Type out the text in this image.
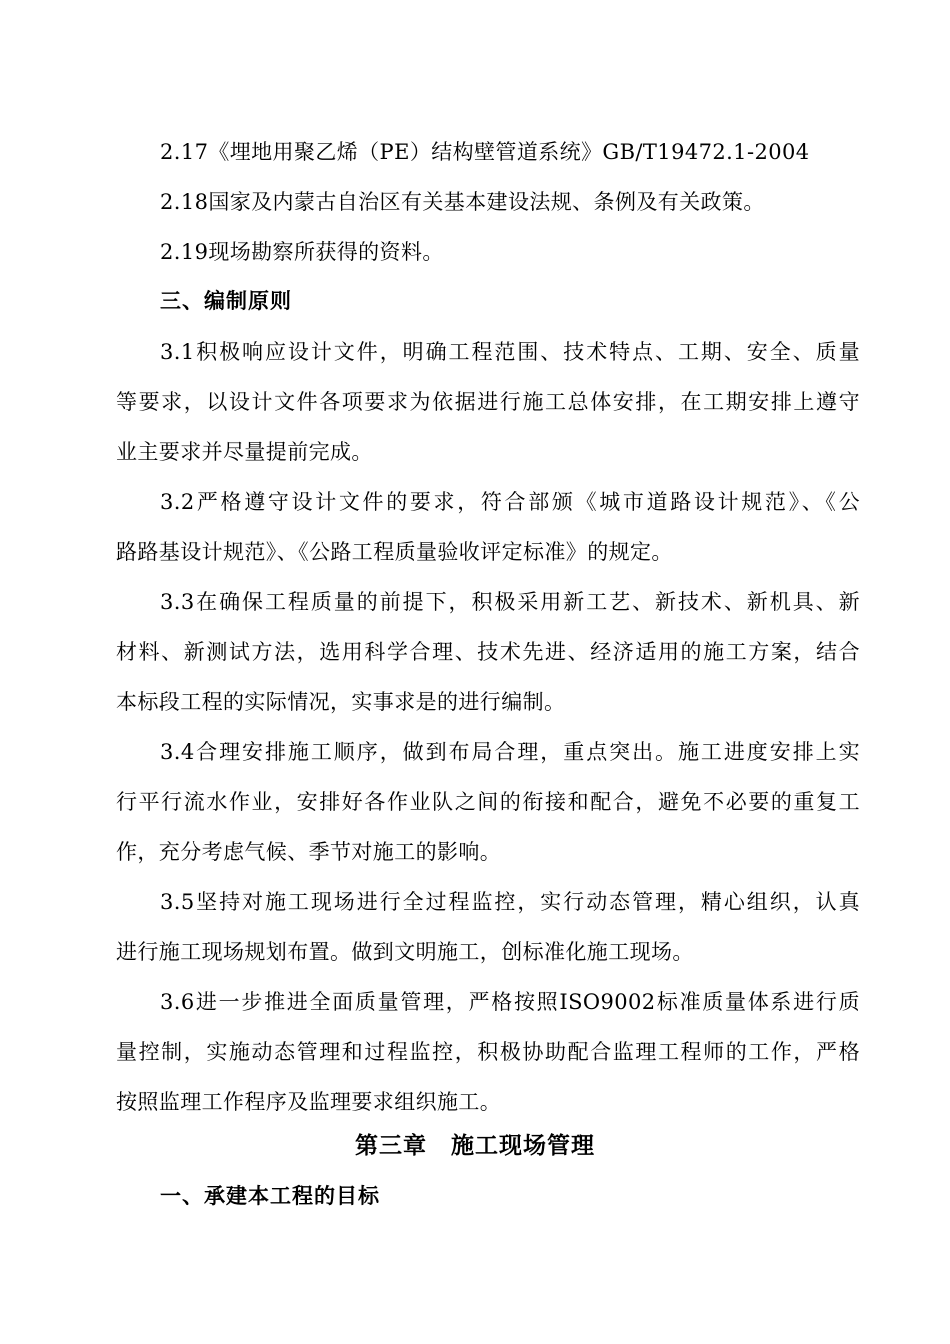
2.17《埋地用聚乙烯（PE）结构壁管道系统》GB/T19472.1-2004
2.18国家及内蒙古自治区有关基本建设法规、条例及有关政策。
2.19现场勘察所获得的资料。
三、编制原则
3.1积极响应设计文件，明确工程范围、技术特点、工期、安全、质量
等要求，以设计文件各项要求为依据进行施工总体安排，在工期安排上遵守
业主要求并尽量提前完成。
3.2严格遵守设计文件的要求，符合部颁《城市道路设计规范》、《公
路路基设计规范》、《公路工程质量验收评定标准》的规定。
3.3在确保工程质量的前提下，积极采用新工艺、新技术、新机具、新
材料、新测试方法，选用科学合理、技术先进、经济适用的施工方案，结合
本标段工程的实际情况，实事求是的进行编制。
3.4合理安排施工顺序，做到布局合理，重点突出。施工进度安排上实
行平行流水作业，安排好各作业队之间的衔接和配合，避免不必要的重复工
作，充分考虑气候、季节对施工的影响。
3.5坚持对施工现场进行全过程监控，实行动态管理，精心组织，认真
进行施工现场规划布置。做到文明施工，创标准化施工现场。
3.6进一步推进全面质量管理，严格按照ISO9002标准质量体系进行质
量控制，实施动态管理和过程监控，积极协助配合监理工程师的工作，严格
按照监理工作程序及监理要求组织施工。
第三章　施工现场管理
一、承建本工程的目标
